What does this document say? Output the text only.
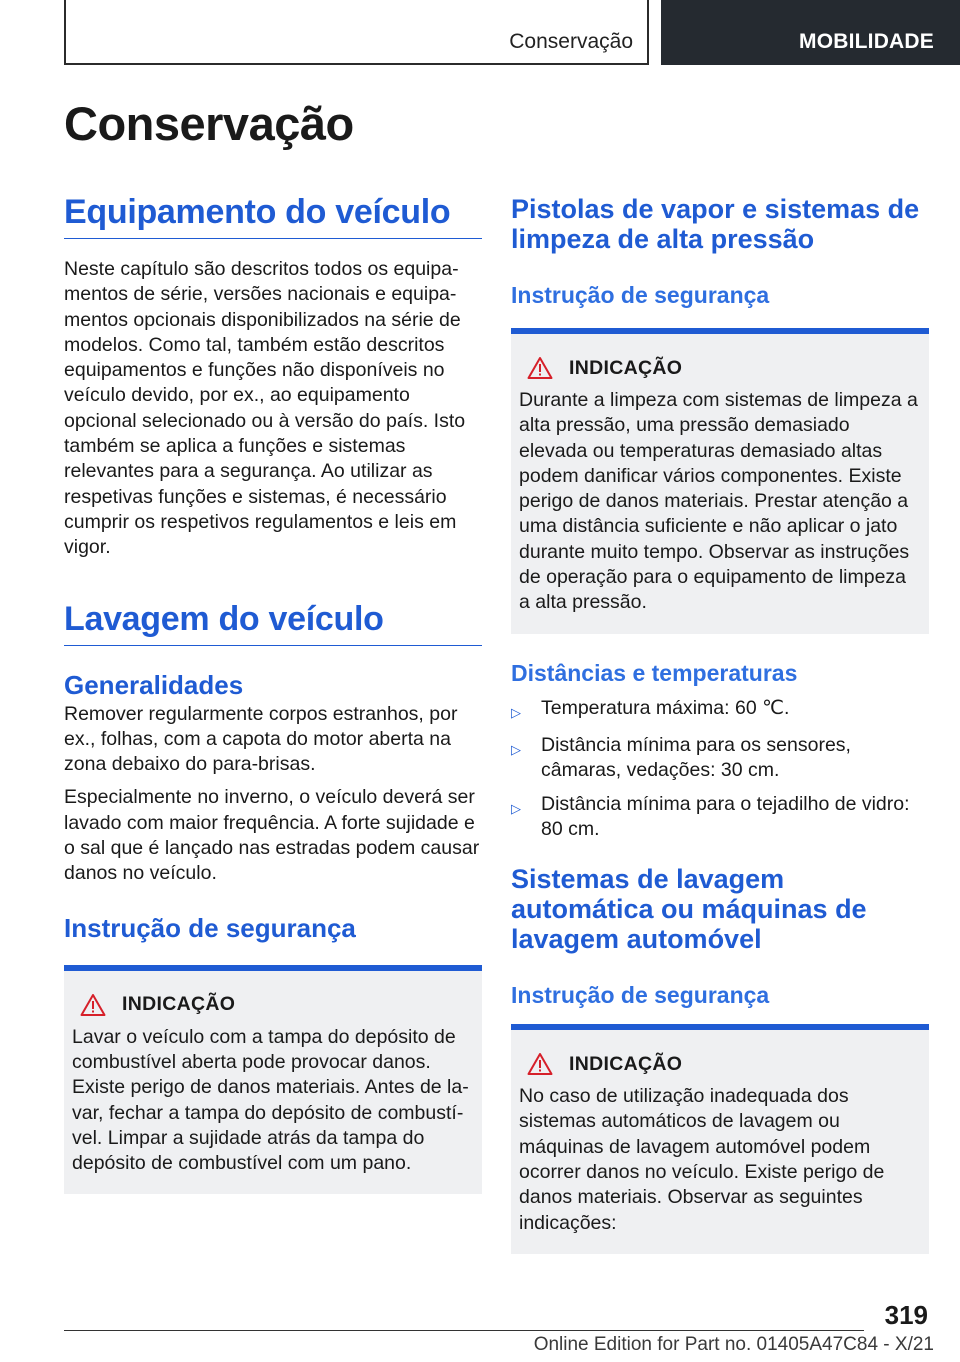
Conservação	MOBILIDADE
Conservação
Equipamento do veículo

Neste capítulo são descritos todos os equipamentos de série, versões nacionais e equipamentos opcionais disponibilizados na série de modelos. Como tal, também estão descritos equipamentos e funções não disponíveis no veículo devido, por ex., ao equipamento opcional selecionado ou à versão do país. Isto também se aplica a funções e sistemas relevantes para a segurança. Ao utilizar as respetivas funções e sistemas, é necessário cumprir os respetivos regulamentos e leis em vigor.

Lavagem do veículo
Generalidades

Remover regularmente corpos estranhos, por ex., folhas, com a capota do motor aberta na zona debaixo do para-brisas.

Especialmente no inverno, o veículo deverá ser lavado com maior frequência. A forte sujidade e o sal que é lançado nas estradas podem causar danos no veículo.

Instrução de segurança
INDICAÇÃO

Lavar o veículo com a tampa do depósito de combustível aberta pode provocar danos. Existe perigo de danos materiais. Antes de lavar, fechar a tampa do depósito de combustível. Limpar a sujidade atrás da tampa do depósito de combustível com um pano.

Pistolas de vapor e sistemas de limpeza de alta pressão
Instrução de segurança
INDICAÇÃO

Durante a limpeza com sistemas de limpeza a alta pressão, uma pressão demasiado elevada ou temperaturas demasiado altas podem danificar vários componentes. Existe perigo de danos materiais. Prestar atenção a uma distância suficiente e não aplicar o jato durante muito tempo. Observar as instruções de operação para o equipamento de limpeza a alta pressão.

Distâncias e temperaturas
▷	Temperatura máxima: 60 ℃.
▷	Distância mínima para os sensores, câmaras, vedações: 30 cm.
▷	Distância mínima para o tejadilho de vidro: 80 cm.
Sistemas de lavagem automática ou máquinas de lavagem automóvel
Instrução de segurança
INDICAÇÃO

No caso de utilização inadequada dos sistemas automáticos de lavagem ou máquinas de lavagem automóvel podem ocorrer danos no veículo. Existe perigo de danos materiais. Observar as seguintes indicações:

319
Online Edition for Part no. 01405A47C84 - X/21
